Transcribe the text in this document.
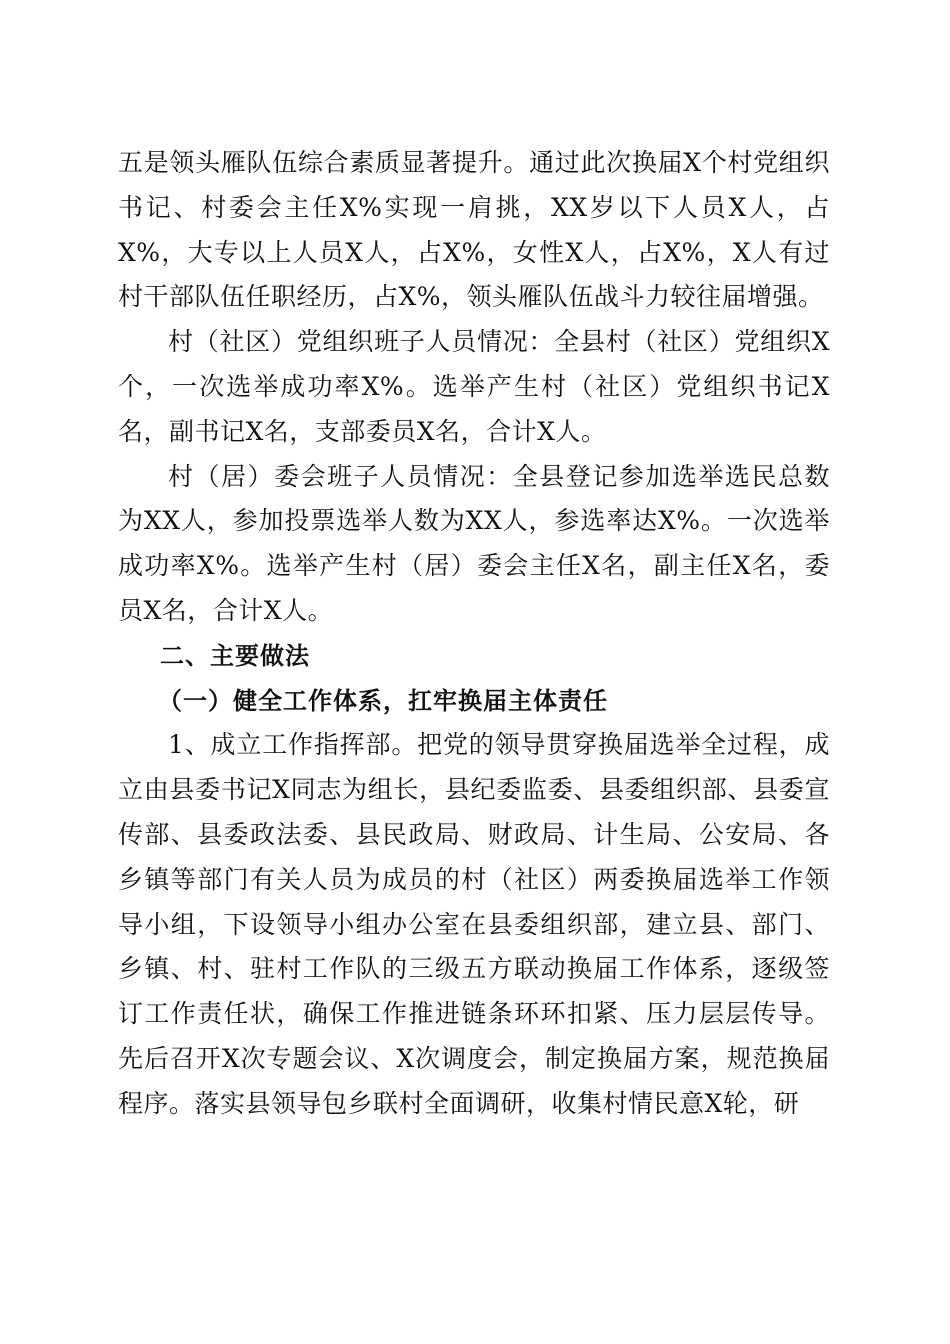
五是领头雁队伍综合素质显著提升。通过此次换届X个村党组织书记、村委会主任X%实现一肩挑，XX岁以下人员X人，占X%，大专以上人员X人，占X%，女性X人，占X%，X人有过村干部队伍任职经历，占X%，领头雁队伍战斗力较往届增强。

村（社区）党组织班子人员情况：全县村（社区）党组织X个，一次选举成功率X%。选举产生村（社区）党组织书记X名，副书记X名，支部委员X名，合计X人。

村（居）委会班子人员情况：全县登记参加选举选民总数为XX人，参加投票选举人数为XX人，参选率达X%。一次选举成功率X%。选举产生村（居）委会主任X名，副主任X名，委员X名，合计X人。

二、主要做法

（一）健全工作体系，扛牢换届主体责任

1、成立工作指挥部。把党的领导贯穿换届选举全过程，成立由县委书记X同志为组长，县纪委监委、县委组织部、县委宣传部、县委政法委、县民政局、财政局、计生局、公安局、各乡镇等部门有关人员为成员的村（社区）两委换届选举工作领导小组，下设领导小组办公室在县委组织部，建立县、部门、乡镇、村、驻村工作队的三级五方联动换届工作体系，逐级签订工作责任状，确保工作推进链条环环扣紧、压力层层传导。先后召开X次专题会议、X次调度会，制定换届方案，规范换届程序。落实县领导包乡联村全面调研，收集村情民意X轮，研
